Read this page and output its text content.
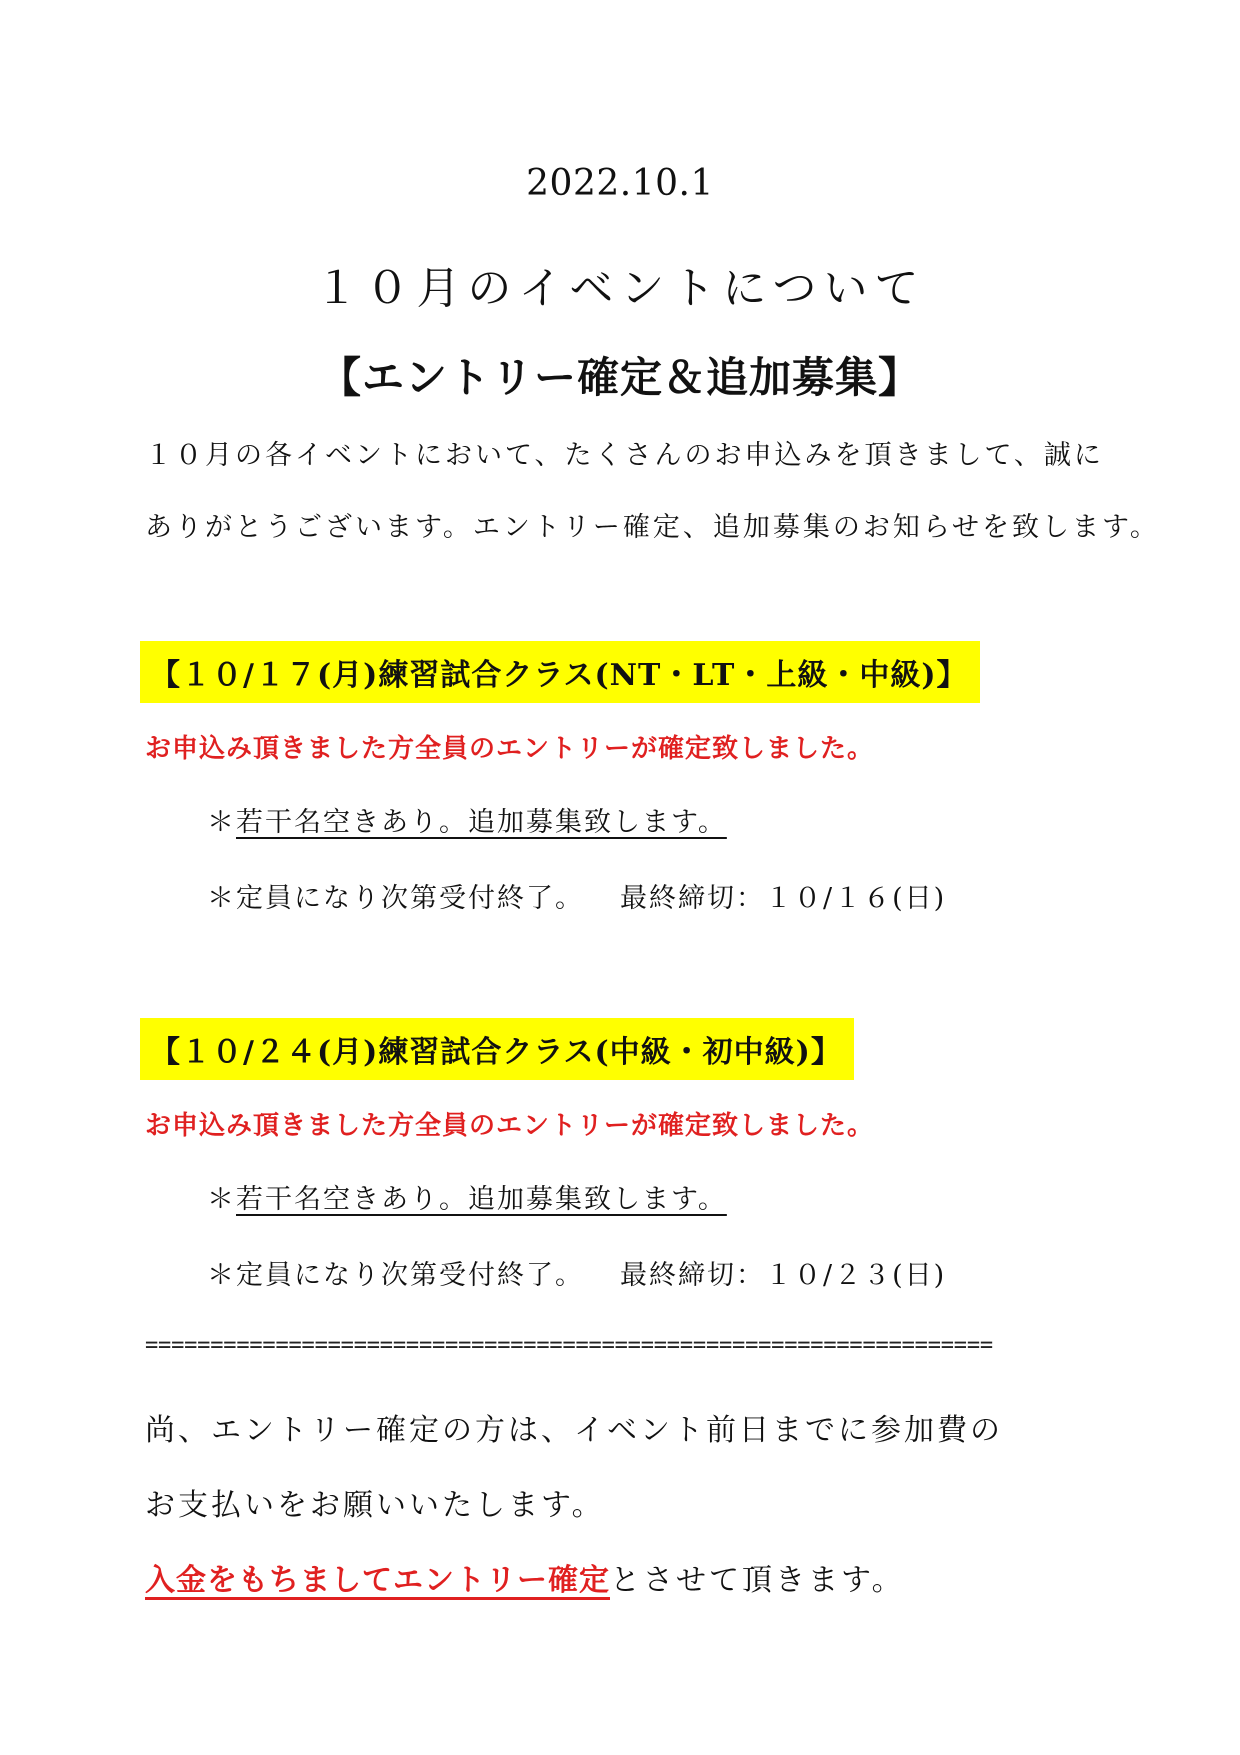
2022.10.1
１０月のイベントについて
【エントリー確定＆追加募集】
１０月の各イベントにおいて、たくさんのお申込みを頂きまして、誠に
ありがとうございます。エントリー確定、追加募集のお知らせを致します。
【１０/１７(月)練習試合クラス(NT・LT・上級・中級)】
お申込み頂きました方全員のエントリーが確定致しました。
＊若干名空きあり。追加募集致します。
＊定員になり次第受付終了。 最終締切：１０/１６(日)
【１０/２４(月)練習試合クラス(中級・初中級)】
お申込み頂きました方全員のエントリーが確定致しました。
＊若干名空きあり。追加募集致します。
＊定員になり次第受付終了。 最終締切：１０/２３(日)
=================================================================
尚、エントリー確定の方は、イベント前日までに参加費の
お支払いをお願いいたします。
入金をもちましてエントリー確定とさせて頂きます。
